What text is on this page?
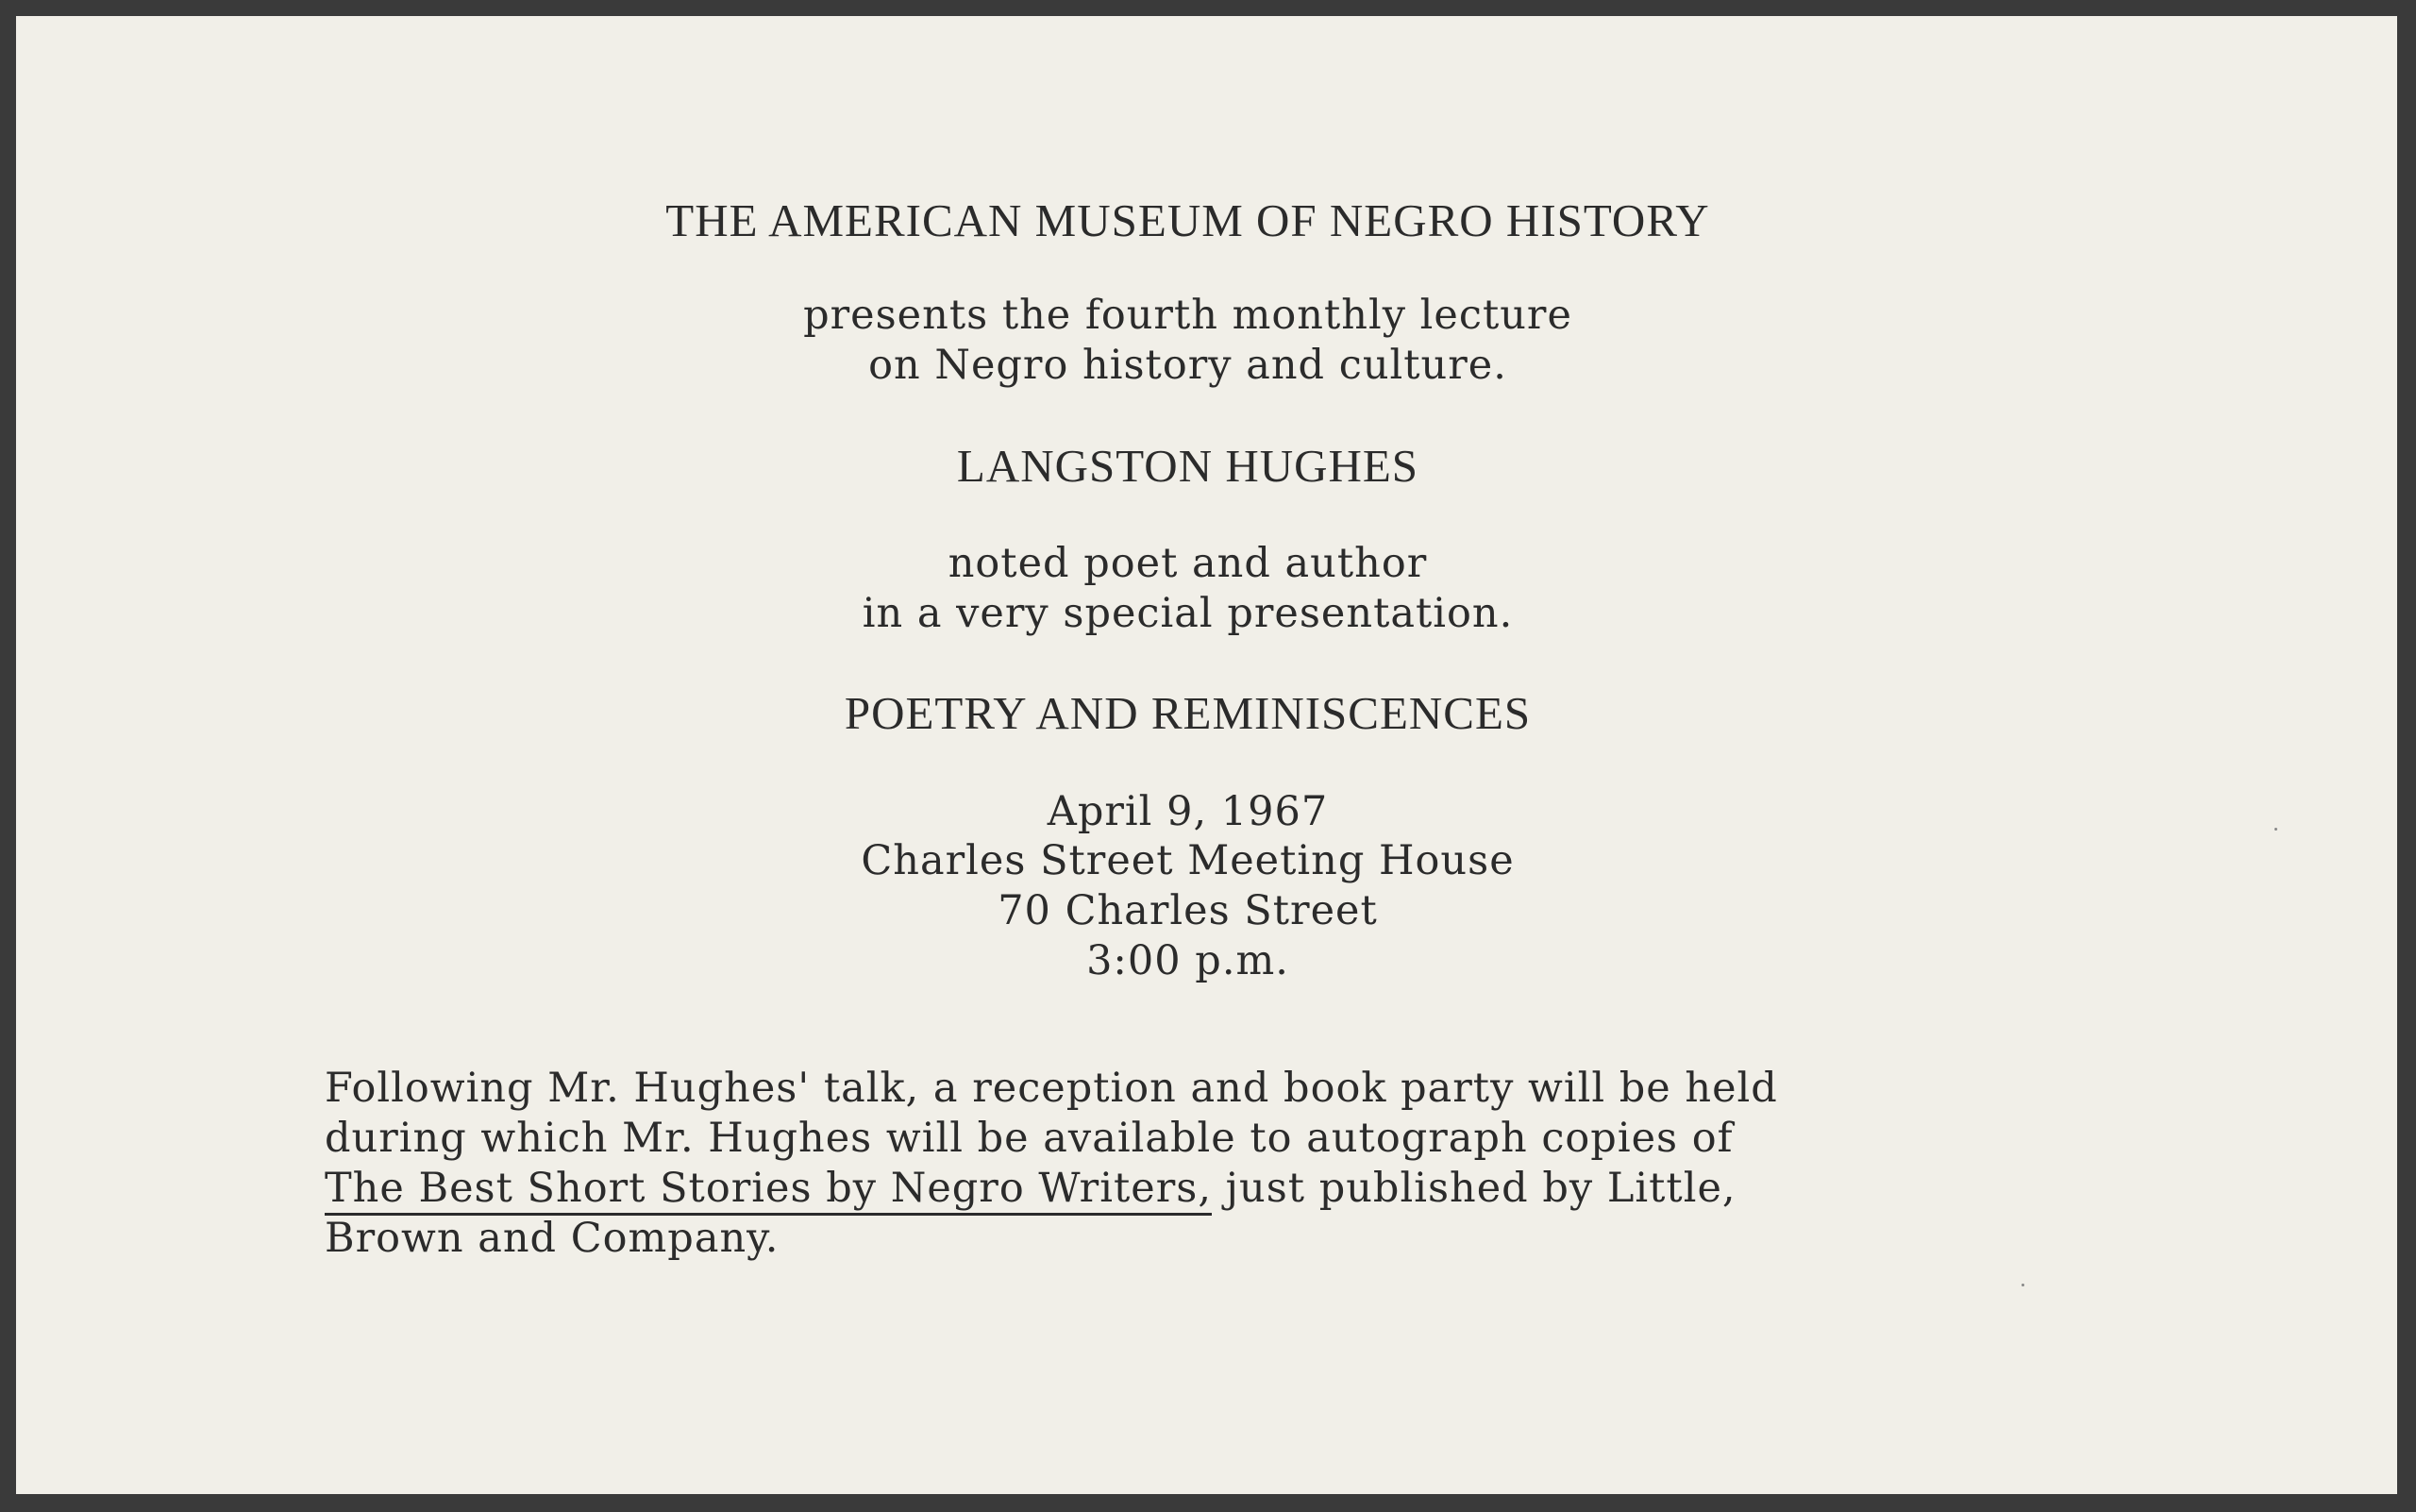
THE AMERICAN MUSEUM OF NEGRO HISTORY
presents the fourth monthly lecture
on Negro history and culture.
LANGSTON HUGHES
noted poet and author
in a very special presentation.
POETRY AND REMINISCENCES
April 9, 1967
Charles Street Meeting House
70 Charles Street
3:00 p.m.
Following Mr. Hughes' talk, a reception and book party will be held
during which Mr. Hughes will be available to autograph copies of
The Best Short Stories by Negro Writers, just published by Little,
Brown and Company.
